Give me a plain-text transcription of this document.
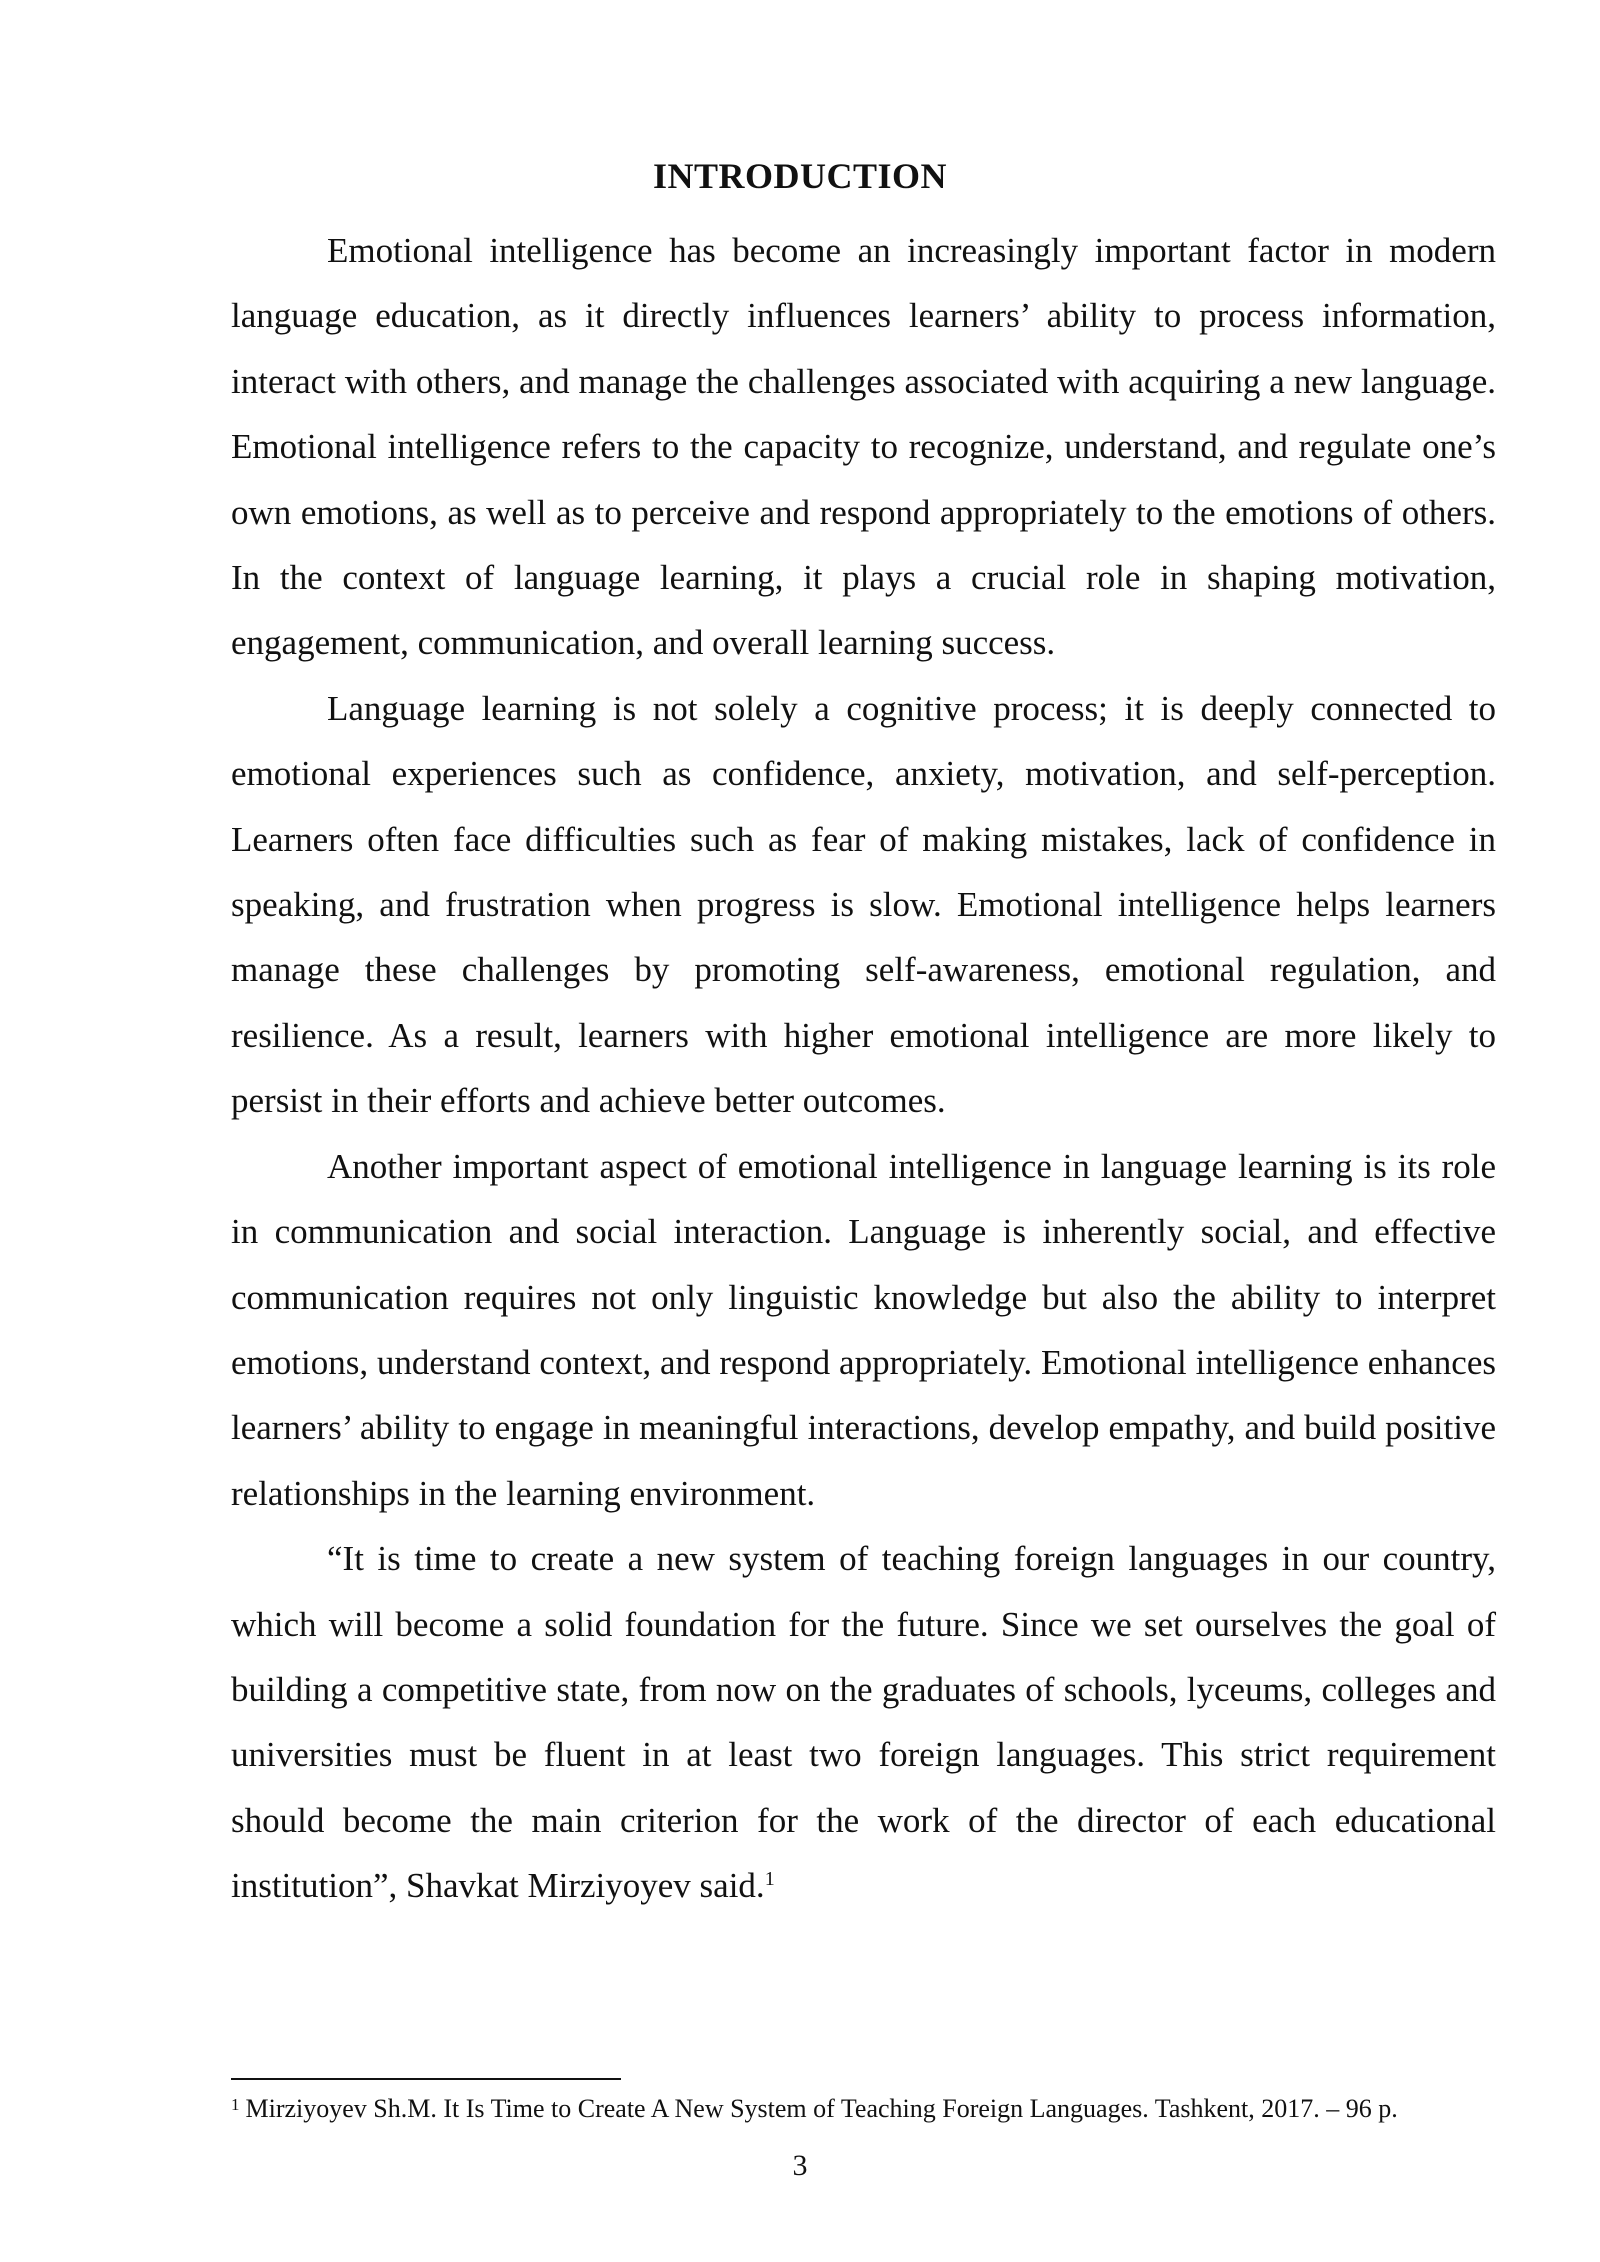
INTRODUCTION

Emotional intelligence has become an increasingly important factor in modern language education, as it directly influences learners’ ability to process information, interact with others, and manage the challenges associated with acquiring a new language. Emotional intelligence refers to the capacity to recognize, understand, and regulate one’s own emotions, as well as to perceive and respond appropriately to the emotions of others. In the context of language learning, it plays a crucial role in shaping motivation, engagement, communication, and overall learning success.

Language learning is not solely a cognitive process; it is deeply connected to emotional experiences such as confidence, anxiety, motivation, and self-perception. Learners often face difficulties such as fear of making mistakes, lack of confidence in speaking, and frustration when progress is slow. Emotional intelligence helps learners manage these challenges by promoting self-awareness, emotional regulation, and resilience. As a result, learners with higher emotional intelligence are more likely to persist in their efforts and achieve better outcomes.

Another important aspect of emotional intelligence in language learning is its role in communication and social interaction. Language is inherently social, and effective communication requires not only linguistic knowledge but also the ability to interpret emotions, understand context, and respond appropriately. Emotional intelligence enhances learners’ ability to engage in meaningful interactions, develop empathy, and build positive relationships in the learning environment.

“It is time to create a new system of teaching foreign languages in our country, which will become a solid foundation for the future. Since we set ourselves the goal of building a competitive state, from now on the graduates of schools, lyceums, colleges and universities must be fluent in at least two foreign languages. This strict requirement should become the main criterion for the work of the director of each educational institution”, Shavkat Mirziyoyev said.$^1$

$^1$ Mirziyoyev Sh.M. It Is Time to Create A New System of Teaching Foreign Languages. Tashkent, 2017. – 96 p.
3
